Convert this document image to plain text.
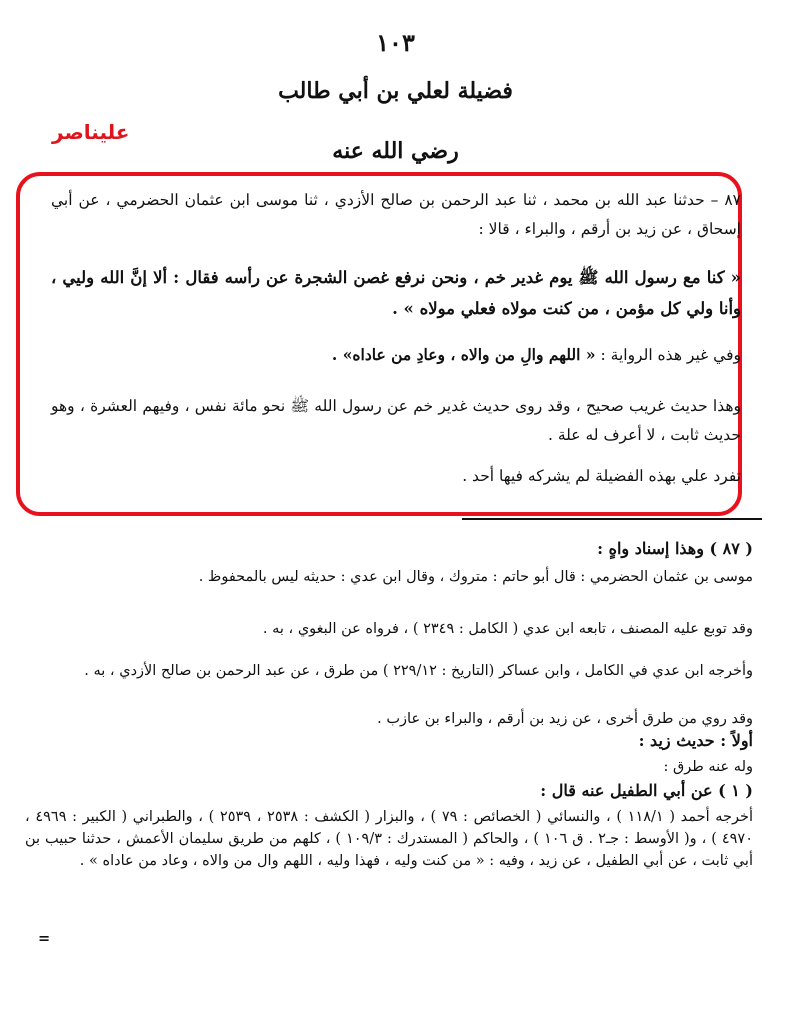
١٠٣
فضيلة لعلي بن أبي طالب
رضي الله عنه
عليناصر

٨٧ – حدثنا عبد الله بن محمد ، ثنا عبد الرحمن بن صالح الأزدي ، ثنا موسى ابن عثمان الحضرمي ، عن أبي إسحاق ، عن زيد بن أرقم ، والبراء ، قالا :

« كنا مع رسول الله ﷺ يوم غدير خم ، ونحن نرفع غصن الشجرة عن رأسه فقال : ألا إنَّ الله وليي ، وأنا ولي كل مؤمن ، من كنت مولاه فعلي مولاه » .

وفي غير هذه الرواية : « اللهم والِ من والاه ، وعادِ من عاداه» .

وهذا حديث غريب صحيح ، وقد روى حديث غدير خم عن رسول الله ﷺ نحو مائة نفس ، وفيهم العشرة ، وهو حديث ثابت ، لا أعرف له علة .

تفرد علي بهذه الفضيلة لم يشركه فيها أحد .

( ٨٧ ) وهذا إسناد واهٍ :

موسى بن عثمان الحضرمي : قال أبو حاتم : متروك ، وقال ابن عدي : حديثه ليس بالمحفوظ .

وقد توبع عليه المصنف ، تابعه ابن عدي ( الكامل : ٢٣٤٩ ) ، فرواه عن البغوي ، به .

وأخرجه ابن عدي في الكامل ، وابن عساكر (التاريخ : ٢٢٩/١٢ ) من طرق ، عن عبد الرحمن بن صالح الأزدي ، به .

وقد روي من طرق أخرى ، عن زيد بن أرقم ، والبراء بن عازب .

أولاً : حديث زيد :

وله عنه طرق :

( ١ ) عن أبي الطفيل عنه قال :

أخرجه أحمد ( ١١٨/١ ) ، والنسائي ( الخصائص : ٧٩ ) ، والبزار ( الكشف : ٢٥٣٨ ، ٢٥٣٩ ) ، والطبراني ( الكبير : ٤٩٦٩ ، ٤٩٧٠ ) ، و( الأوسط : جـ٢ . ق ١٠٦ ) ، والحاكم ( المستدرك : ١٠٩/٣ ) ، كلهم من طريق سليمان الأعمش ، حدثنا حبيب بن أبي ثابت ، عن أبي الطفيل ، عن زيد ، وفيه : « من كنت وليه ، فهذا وليه ، اللهم وال من والاه ، وعاد من عاداه » .

=
